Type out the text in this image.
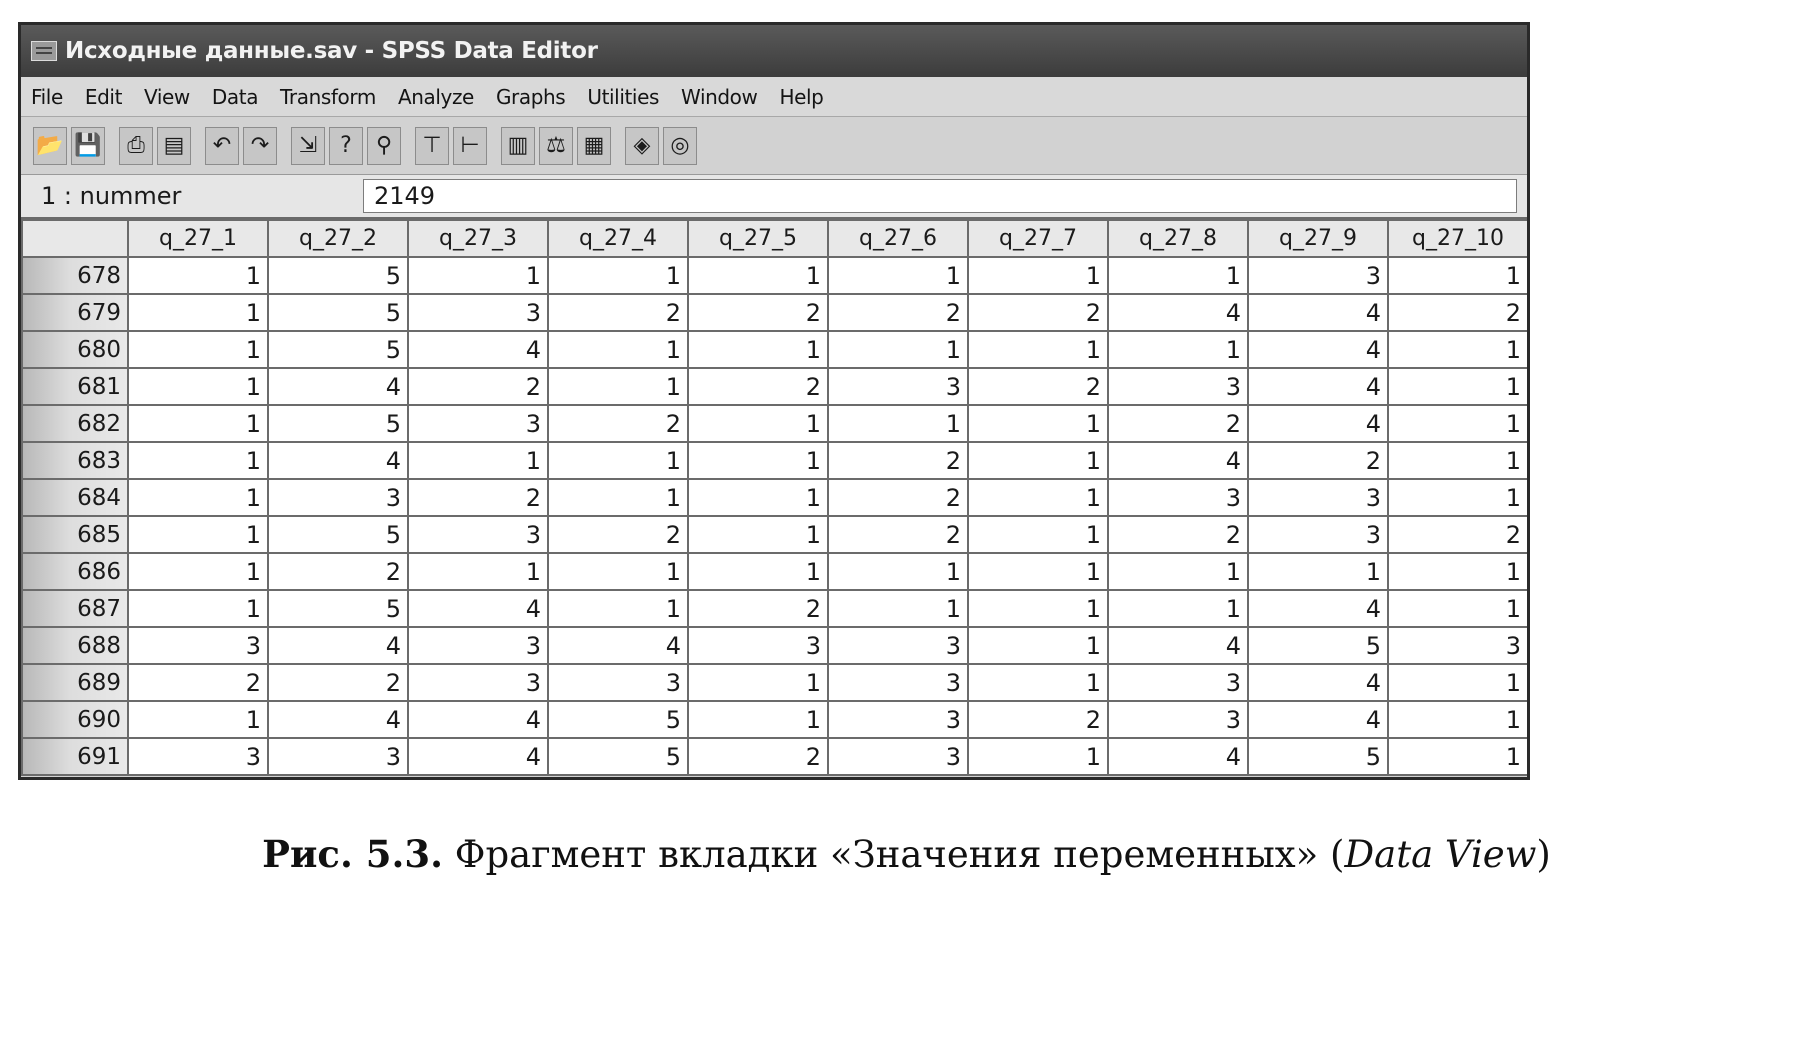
Исходные данные.sav - SPSS Data Editor
File Edit View Data Transform Analyze Graphs Utilities Window Help
📂 💾	⎙ ▤	↶ ↷	⇲	?	⚲	⊤ ⊢	▥ ⚖ ▦	◈ ◎
1 : nummer	2149
	q_27_1	q_27_2	q_27_3	q_27_4	q_27_5	q_27_6	q_27_7	q_27_8	q_27_9	q_27_10
678	1	5	1	1	1	1	1	1	3	1
679	1	5	3	2	2	2	2	4	4	2
680	1	5	4	1	1	1	1	1	4	1
681	1	4	2	1	2	3	2	3	4	1
682	1	5	3	2	1	1	1	2	4	1
683	1	4	1	1	1	2	1	4	2	1
684	1	3	2	1	1	2	1	3	3	1
685	1	5	3	2	1	2	1	2	3	2
686	1	2	1	1	1	1	1	1	1	1
687	1	5	4	1	2	1	1	1	4	1
688	3	4	3	4	3	3	1	4	5	3
689	2	2	3	3	1	3	1	3	4	1
690	1	4	4	5	1	3	2	3	4	1
691	3	3	4	5	2	3	1	4	5	1
Рис. 5.3. Фрагмент вкладки «Значения переменных» (Data View)
